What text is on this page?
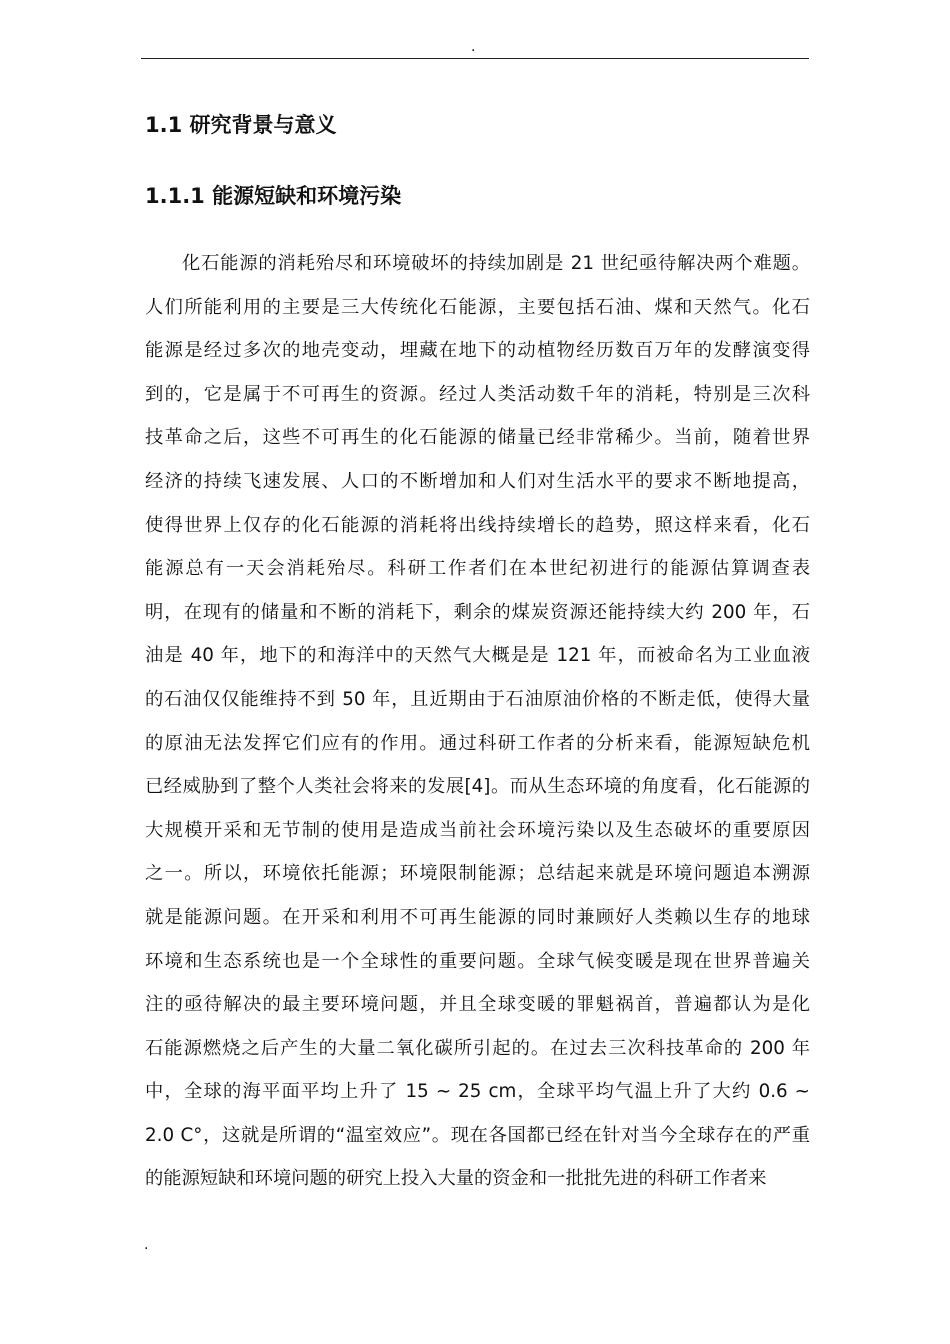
.
1.1 研究背景与意义
1.1.1 能源短缺和环境污染
化石能源的消耗殆尽和环境破坏的持续加剧是 21 世纪亟待解决两个难题。
人们所能利用的主要是三大传统化石能源，主要包括石油、煤和天然气。化石
能源是经过多次的地壳变动，埋藏在地下的动植物经历数百万年的发酵演变得
到的，它是属于不可再生的资源。经过人类活动数千年的消耗，特别是三次科
技革命之后，这些不可再生的化石能源的储量已经非常稀少。当前，随着世界
经济的持续飞速发展、人口的不断增加和人们对生活水平的要求不断地提高，
使得世界上仅存的化石能源的消耗将出线持续增长的趋势，照这样来看，化石
能源总有一天会消耗殆尽。科研工作者们在本世纪初进行的能源估算调查表
明，在现有的储量和不断的消耗下，剩余的煤炭资源还能持续大约 200 年，石
油是 40 年，地下的和海洋中的天然气大概是是 121 年，而被命名为工业血液
的石油仅仅能维持不到 50 年，且近期由于石油原油价格的不断走低，使得大量
的原油无法发挥它们应有的作用。通过科研工作者的分析来看，能源短缺危机
已经威胁到了整个人类社会将来的发展[4]。而从生态环境的角度看，化石能源的
大规模开采和无节制的使用是造成当前社会环境污染以及生态破坏的重要原因
之一。所以，环境依托能源；环境限制能源；总结起来就是环境问题追本溯源
就是能源问题。在开采和利用不可再生能源的同时兼顾好人类赖以生存的地球
环境和生态系统也是一个全球性的重要问题。全球气候变暖是现在世界普遍关
注的亟待解决的最主要环境问题，并且全球变暖的罪魁祸首，普遍都认为是化
石能源燃烧之后产生的大量二氧化碳所引起的。在过去三次科技革命的 200 年
中，全球的海平面平均上升了 15 ~ 25 cm，全球平均气温上升了大约 0.6 ~
2.0 C°，这就是所谓的“温室效应”。现在各国都已经在针对当今全球存在的严重
的能源短缺和环境问题的研究上投入大量的资金和一批批先进的科研工作者来
.
